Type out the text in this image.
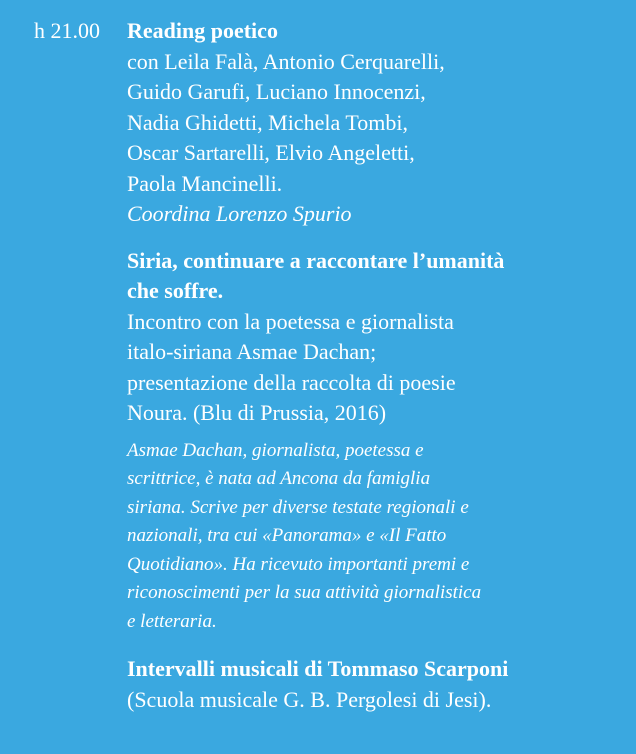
h 21.00 Reading poetico

con Leila Falà, Antonio Cerquarelli,

Guido Garufi, Luciano Innocenzi,

Nadia Ghidetti, Michela Tombi,

Oscar Sartarelli, Elvio Angeletti,

Paola Mancinelli.

Coordina Lorenzo Spurio

Siria, continuare a raccontare l’umanità

che soffre.

Incontro con la poetessa e giornalista

italo-siriana Asmae Dachan;

presentazione della raccolta di poesie

Noura. (Blu di Prussia, 2016)

Asmae Dachan, giornalista, poetessa e

scrittrice, è nata ad Ancona da famiglia

siriana. Scrive per diverse testate regionali e

nazionali, tra cui «Panorama» e «Il Fatto

Quotidiano». Ha ricevuto importanti premi e

riconoscimenti per la sua attività giornalistica

e letteraria.

Intervalli musicali di Tommaso Scarponi

(Scuola musicale G. B. Pergolesi di Jesi).
